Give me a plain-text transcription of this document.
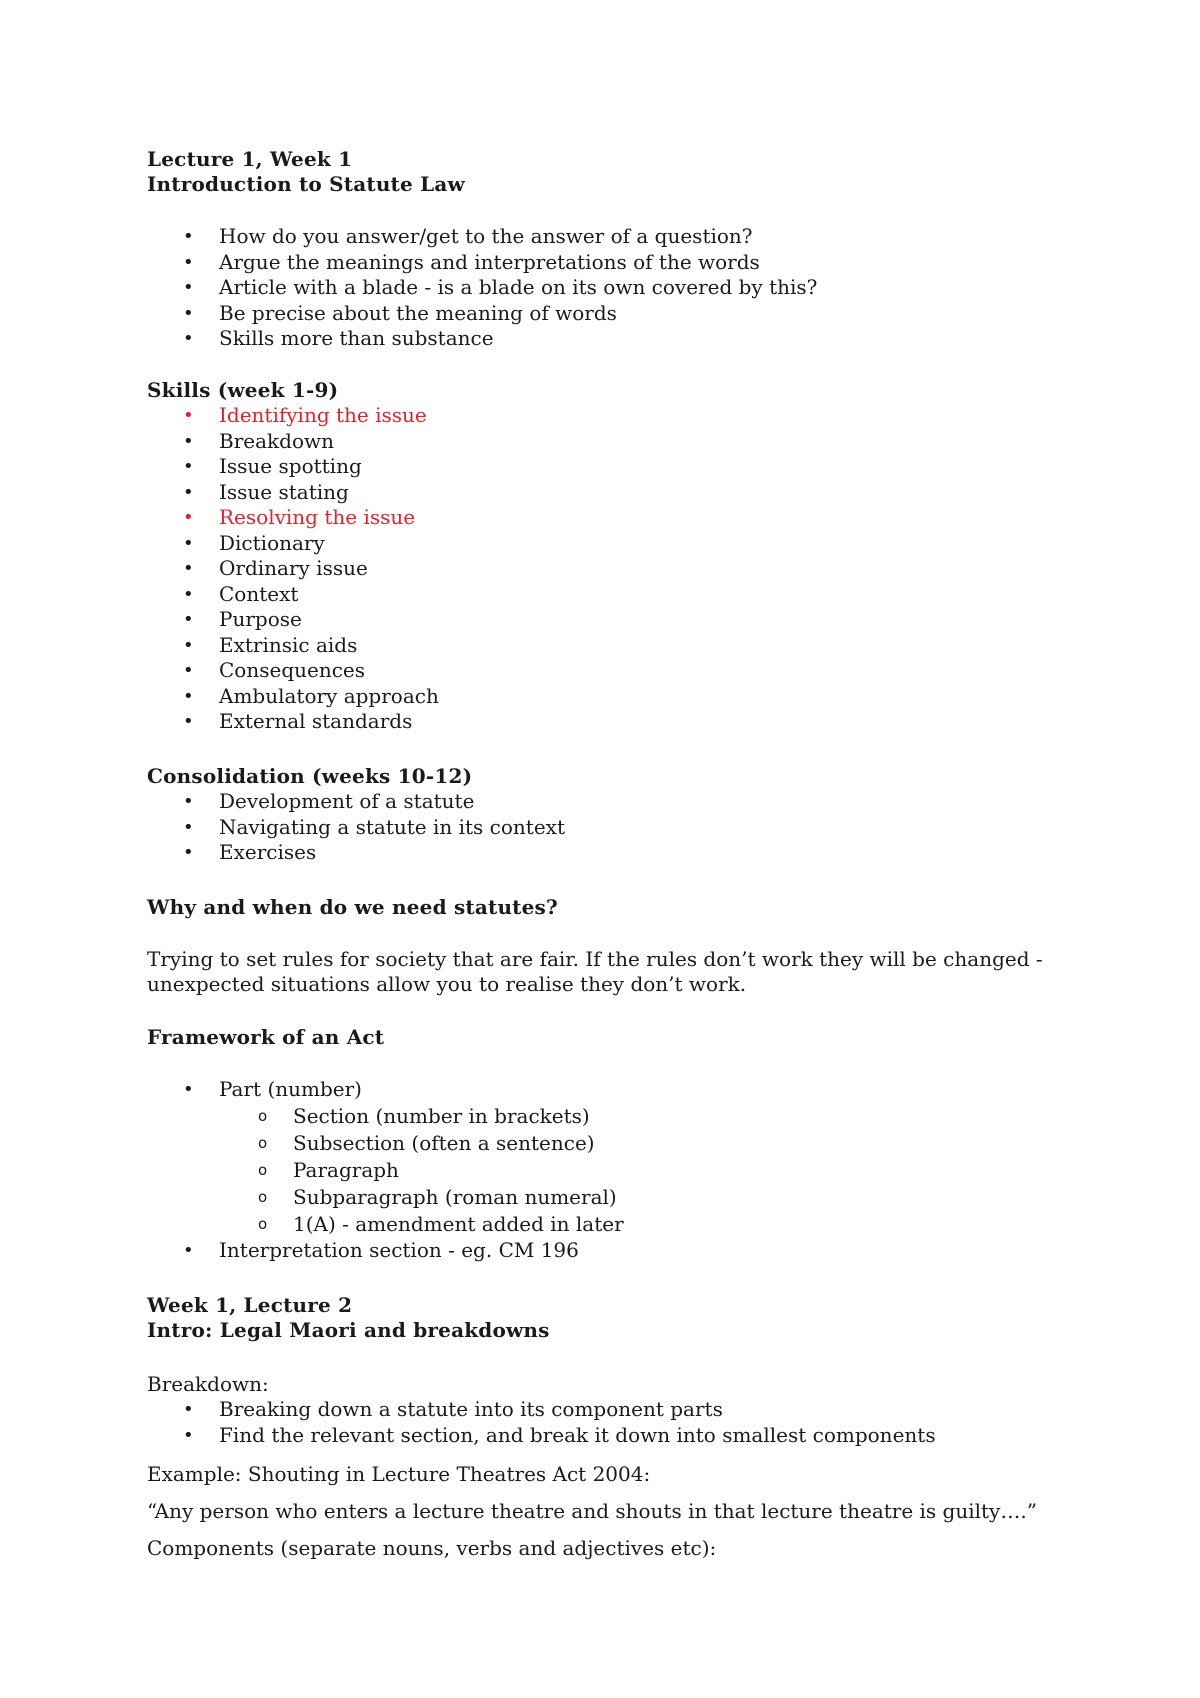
Lecture 1, Week 1
Introduction to Statute Law
• How do you answer/get to the answer of a question?
• Argue the meanings and interpretations of the words
• Article with a blade - is a blade on its own covered by this?
• Be precise about the meaning of words
• Skills more than substance
Skills (week 1-9)
• Identifying the issue
• Breakdown
• Issue spotting
• Issue stating
• Resolving the issue
• Dictionary
• Ordinary issue
• Context
• Purpose
• Extrinsic aids
• Consequences
• Ambulatory approach
• External standards
Consolidation (weeks 10-12)
• Development of a statute
• Navigating a statute in its context
• Exercises
Why and when do we need statutes?
Trying to set rules for society that are fair. If the rules don’t work they will be changed -
unexpected situations allow you to realise they don’t work.
Framework of an Act
• Part (number)
o Section (number in brackets)
o Subsection (often a sentence)
o Paragraph
o Subparagraph (roman numeral)
o 1(A) - amendment added in later
• Interpretation section - eg. CM 196
Week 1, Lecture 2
Intro: Legal Maori and breakdowns
Breakdown:
• Breaking down a statute into its component parts
• Find the relevant section, and break it down into smallest components
Example: Shouting in Lecture Theatres Act 2004:
“Any person who enters a lecture theatre and shouts in that lecture theatre is guilty….”
Components (separate nouns, verbs and adjectives etc):
